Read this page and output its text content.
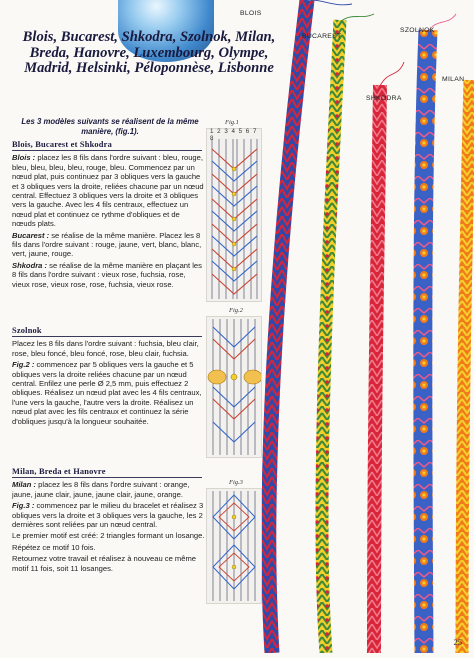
Blois, Bucarest, Shkodra, Szolnok, Milan, Breda, Hanovre, Luxembourg, Olympe, Madrid, Helsinki, Péloponnèse, Lisbonne
Les 3 modèles suivants se réalisent de la même manière, (fig.1).
Blois, Bucarest et Shkodra
Blois : placez les 8 fils dans l'ordre suivant : bleu, rouge, bleu, bleu, bleu, bleu, rouge, bleu. Commencez par un nœud plat, puis continuez par 3 obliques vers la gauche et 3 obliques vers la droite, reliées chacune par un nœud central. Effectuez 3 obliques vers la droite et 3 obliques vers la gauche. Avec les 4 fils centraux, effectuez un nœud plat et continuez ce rythme d'obliques et de nœuds plats.
Bucarest : se réalise de la même manière. Placez les 8 fils dans l'ordre suivant : rouge, jaune, vert, blanc, blanc, vert, jaune, rouge.
Shkodra : se réalise de la même manière en plaçant les 8 fils dans l'ordre suivant : vieux rose, fuchsia, rose, vieux rose, vieux rose, rose, fuchsia, vieux rose.
Szolnok
Placez les 8 fils dans l'ordre suivant : fuchsia, bleu clair, rose, bleu foncé, bleu foncé, rose, bleu clair, fuchsia.
Fig.2 : commencez par 5 obliques vers la gauche et 5 obliques vers la droite reliées chacune par un nœud central. Enfilez une perle Ø 2,5 mm, puis effectuez 2 obliques. Réalisez un nœud plat avec les 4 fils centraux, l'une vers la gauche, l'autre vers la droite. Réalisez un nœud plat avec les fils centraux et continuez la série d'obliques jusqu'à la longueur souhaitée.
Milan, Breda et Hanovre
Milan : placez les 8 fils dans l'ordre suivant : orange, jaune, jaune clair, jaune, jaune clair, jaune, orange.
Fig.3 : commencez par le milieu du bracelet et réalisez 3 obliques vers la droite et 3 obliques vers la gauche, les 2 dernières sont reliées par un nœud central.
Le premier motif est créé: 2 triangles formant un losange.
Répétez ce motif 10 fois.
Retournez votre travail et réalisez à nouveau ce même motif 11 fois, soit 11 losanges.
Fig.1
1 2 3 4 5 6 7 8
Fig.2
Fig.3
BLOIS
BUCAREST
SZOLNOK
SHKODRA
MILAN
25
